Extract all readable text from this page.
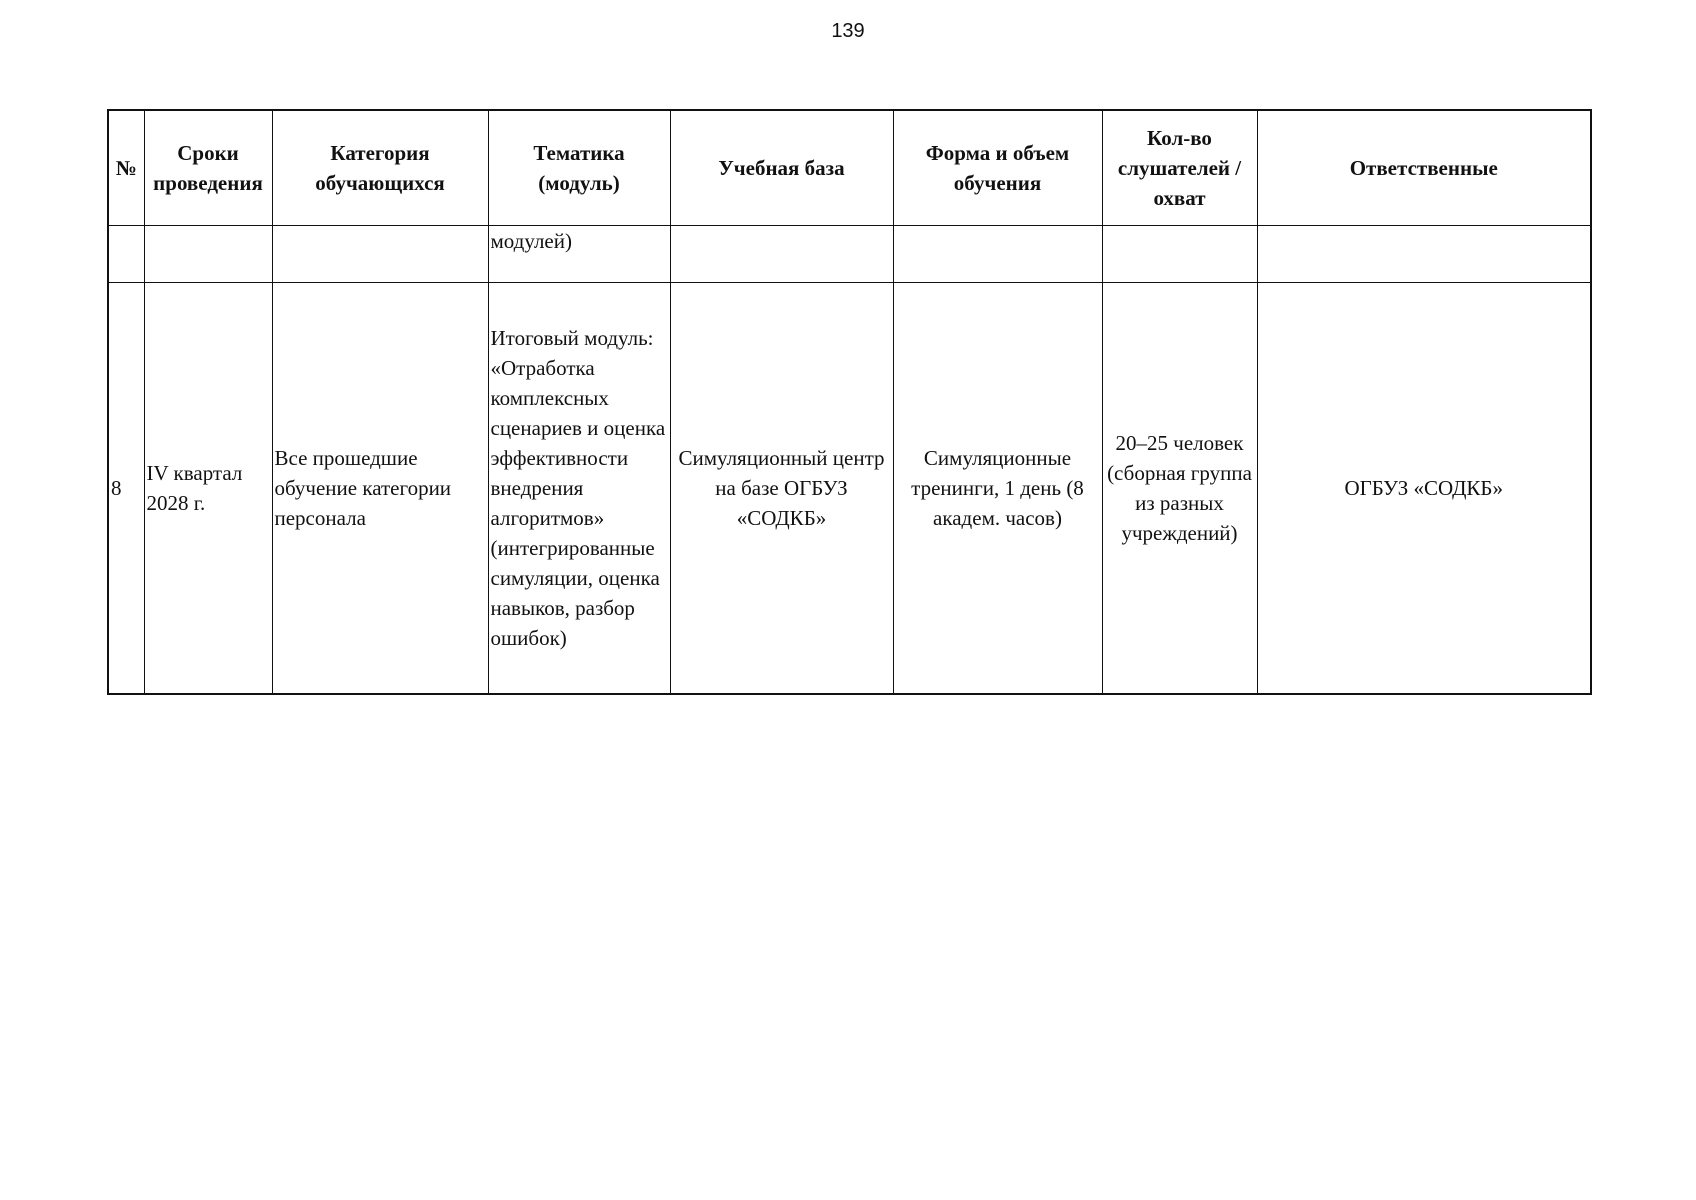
139
№	Сроки проведения	Категория обучающихся	Тематика (модуль)	Учебная база	Форма и объем обучения	Кол-во слушателей / охват	Ответственные
			модулей)				
8	IV квартал 2028 г.	Все прошедшие обучение категории персонала	Итоговый модуль: «Отработка комплексных сценариев и оценка эффективности внедрения алгоритмов» (интегрированные симуляции, оценка навыков, разбор ошибок)	Симуляционный центр на базе ОГБУЗ «СОДКБ»	Симуляционные тренинги, 1 день (8 академ. часов)	20–25 человек (сборная группа из разных учреждений)	ОГБУЗ «СОДКБ»
